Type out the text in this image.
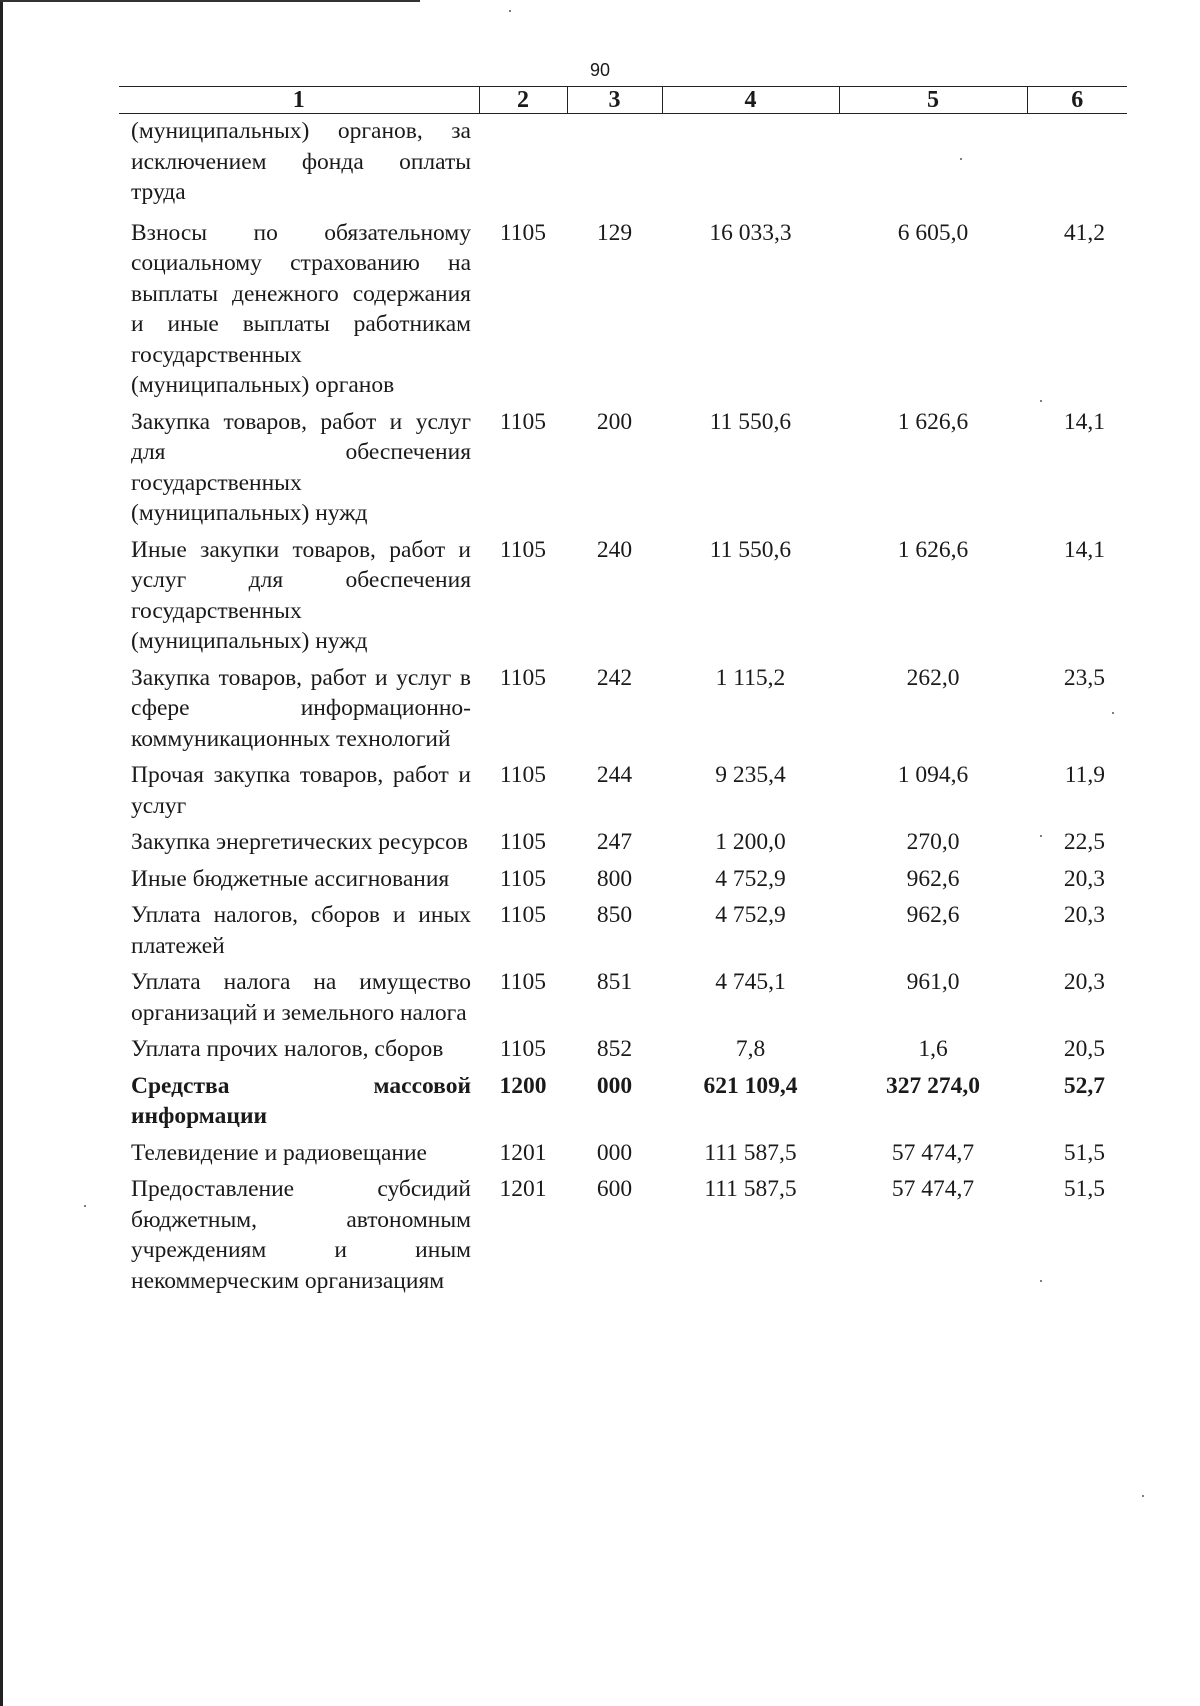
90
1	2	3	4	5	6
(муниципальных) органов, за исключением фонда оплаты труда					
Взносы по обязательному социальному страхованию на выплаты денежного содержания и иные выплаты работникам государственных (муниципальных) органов	1105	129	16 033,3	6 605,0	41,2
Закупка товаров, работ и услуг для обеспечения государственных (муниципальных) нужд	1105	200	11 550,6	1 626,6	14,1
Иные закупки товаров, работ и услуг для обеспечения государственных (муниципальных) нужд	1105	240	11 550,6	1 626,6	14,1
Закупка товаров, работ и услуг в сфере информационно-коммуникационных технологий	1105	242	1 115,2	262,0	23,5
Прочая закупка товаров, работ и услуг	1105	244	9 235,4	1 094,6	11,9
Закупка энергетических ресурсов	1105	247	1 200,0	270,0	22,5
Иные бюджетные ассигнования	1105	800	4 752,9	962,6	20,3
Уплата налогов, сборов и иных платежей	1105	850	4 752,9	962,6	20,3
Уплата налога на имущество организаций и земельного налога	1105	851	4 745,1	961,0	20,3
Уплата прочих налогов, сборов	1105	852	7,8	1,6	20,5
Средства массовой информации	1200	000	621 109,4	327 274,0	52,7
Телевидение и радиовещание	1201	000	111 587,5	57 474,7	51,5
Предоставление субсидий бюджетным, автономным учреждениям и иным некоммерческим организациям	1201	600	111 587,5	57 474,7	51,5
